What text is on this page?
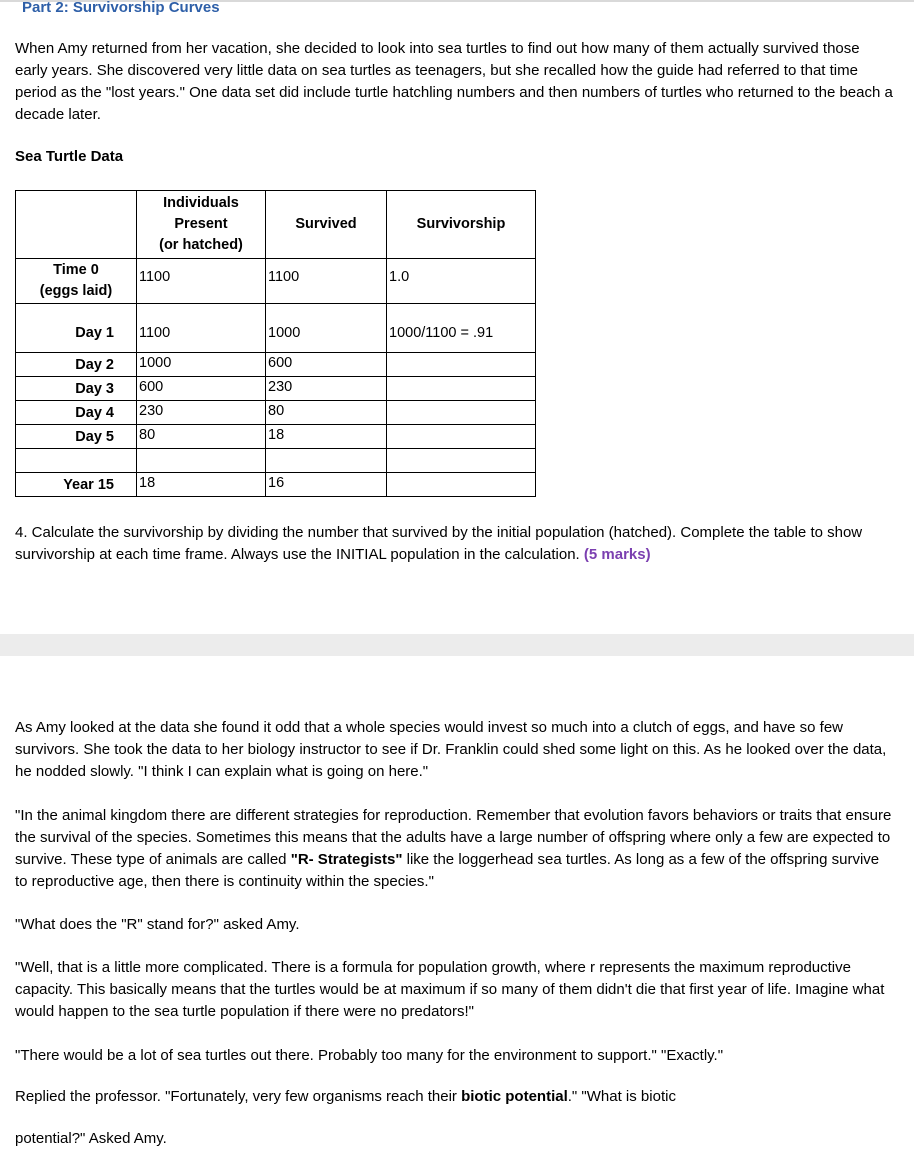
Part 2: Survivorship Curves

When Amy returned from her vacation, she decided to look into sea turtles to find out how many of them actually survived those early years. She discovered very little data on sea turtles as teenagers, but she recalled how the guide had referred to that time period as the "lost years." One data set did include turtle hatchling numbers and then numbers of turtles who returned to the beach a decade later.

Sea Turtle Data

	Individuals
Present
(or hatched)	Survived	Survivorship

Time 0
(eggs laid)	1100	1100	1.0
Day 1	1100	1000	1000/1100 = .91
Day 2	1000	600	
Day 3	600	230	
Day 4	230	80	
Day 5	80	18	

Year 15	18	16	

4. Calculate the survivorship by dividing the number that survived by the initial population (hatched). Complete the table to show survivorship at each time frame. Always use the INITIAL population in the calculation. (5 marks)

As Amy looked at the data she found it odd that a whole species would invest so much into a clutch of eggs, and have so few survivors. She took the data to her biology instructor to see if Dr. Franklin could shed some light on this. As he looked over the data, he nodded slowly. "I think I can explain what is going on here."

"In the animal kingdom there are different strategies for reproduction. Remember that evolution favors behaviors or traits that ensure the survival of the species. Sometimes this means that the adults have a large number of offspring where only a few are expected to survive. These type of animals are called "R- Strategists" like the loggerhead sea turtles. As long as a few of the offspring survive to reproductive age, then there is continuity within the species."

"What does the "R" stand for?" asked Amy.

"Well, that is a little more complicated. There is a formula for population growth, where r represents the maximum reproductive capacity. This basically means that the turtles would be at maximum if so many of them didn't die that first year of life. Imagine what would happen to the sea turtle population if there were no predators!"

"There would be a lot of sea turtles out there. Probably too many for the environment to support." "Exactly."

Replied the professor. "Fortunately, very few organisms reach their biotic potential." "What is biotic

potential?" Asked Amy.
